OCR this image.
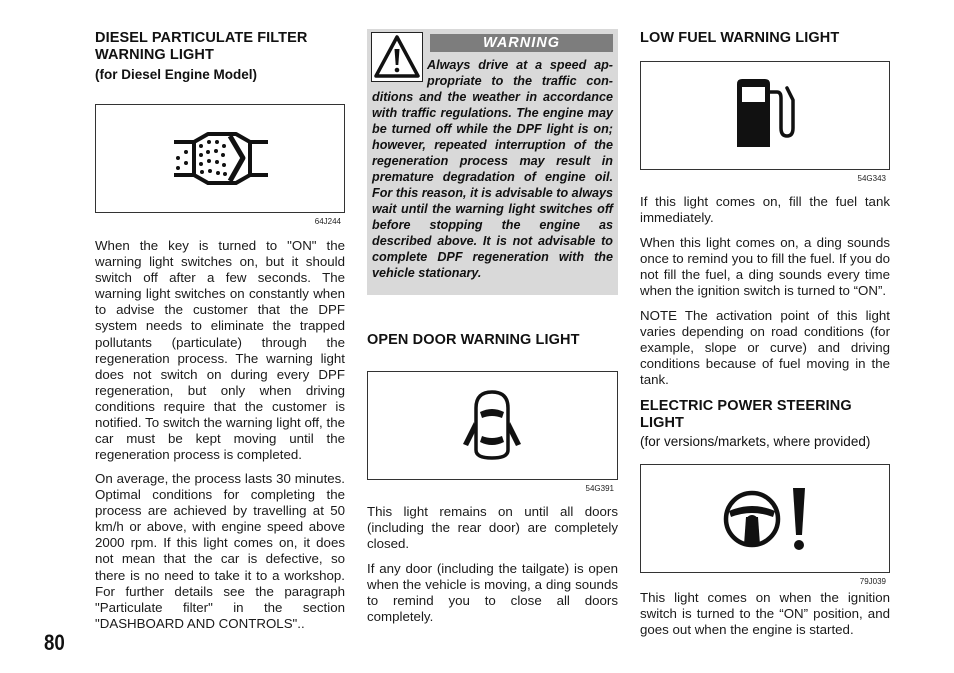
DIESEL PARTICULATE FILTER
WARNING LIGHT
(for Diesel Engine Model)
64J244
When the key is turned to "ON" the warning light switches on, but it should switch off after a few seconds. The warning light switches on constantly when to advise the customer that the DPF system needs to eliminate the trapped pollutants (particulate) through the regeneration process. The warning light does not switch on during every DPF regeneration, but only when driving conditions require that the customer is notified. To switch the warning light off, the car must be kept moving until the regeneration process is completed.
On average, the process lasts 30 minutes. Optimal conditions for completing the process are achieved by travelling at 50 km/h or above, with engine speed above 2000 rpm. If this light comes on, it does not mean that the car is defective, so there is no need to take it to a workshop. For further details see the paragraph "Particulate filter" in the section "DASHBOARD AND CONTROLS"..
WARNING
Always drive at a speed ap-
propriate to the traffic con-
ditions and the weather in accordance with traffic regulations. The engine may be turned off while the DPF light is on; however, repeated interruption of the regeneration process may result in premature degradation of engine oil. For this reason, it is advisable to always wait until the warning light switches off before stopping the engine as described above. It is not advisable to complete DPF regeneration with the vehicle stationary.
OPEN DOOR WARNING LIGHT
54G391
This light remains on until all doors (including the rear door) are completely closed.
If any door (including the tailgate) is open when the vehicle is moving, a ding sounds to remind you to close all doors completely.
LOW FUEL WARNING LIGHT
54G343
If this light comes on, fill the fuel tank immediately.
When this light comes on, a ding sounds once to remind you to fill the fuel. If you do not fill the fuel, a ding sounds every time when the ignition switch is turned to “ON”.
NOTE The activation point of this light varies depending on road conditions (for example, slope or curve) and driving conditions because of fuel moving in the tank.
ELECTRIC POWER STEERING LIGHT
(for versions/markets, where provided)
79J039
This light comes on when the ignition switch is turned to the “ON” position, and goes out when the engine is started.
80
